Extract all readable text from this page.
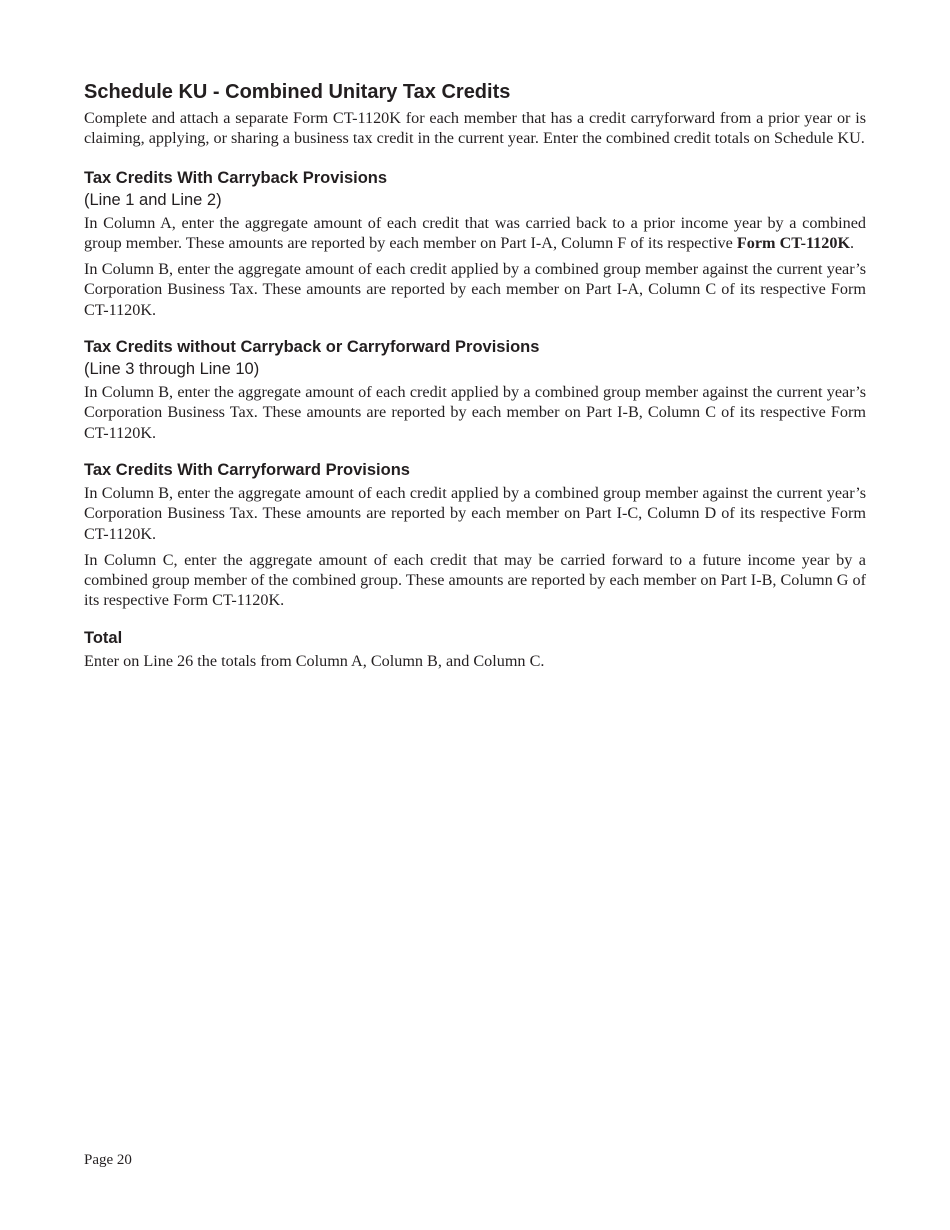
Schedule KU - Combined Unitary Tax Credits

Complete and attach a separate Form CT-1120K for each member that has a credit carryforward from a prior year or is claiming, applying, or sharing a business tax credit in the current year. Enter the combined credit totals on Schedule KU.

Tax Credits With Carryback Provisions
(Line 1 and Line 2)

In Column A, enter the aggregate amount of each credit that was carried back to a prior income year by a combined group member. These amounts are reported by each member on Part I-A, Column F of its respective Form CT-1120K.

In Column B, enter the aggregate amount of each credit applied by a combined group member against the current year’s Corporation Business Tax. These amounts are reported by each member on Part I-A, Column C of its respective Form CT-1120K.

Tax Credits without Carryback or Carryforward Provisions
(Line 3 through Line 10)

In Column B, enter the aggregate amount of each credit applied by a combined group member against the current year’s Corporation Business Tax. These amounts are reported by each member on Part I-B, Column C of its respective Form CT-1120K.

Tax Credits With Carryforward Provisions

In Column B, enter the aggregate amount of each credit applied by a combined group member against the current year’s Corporation Business Tax. These amounts are reported by each member on Part I-C, Column D of its respective Form CT-1120K.

In Column C, enter the aggregate amount of each credit that may be carried forward to a future income year by a combined group member of the combined group. These amounts are reported by each member on Part I-B, Column G of its respective Form CT-1120K.

Total

Enter on Line 26 the totals from Column A, Column B, and Column C.

Page 20
